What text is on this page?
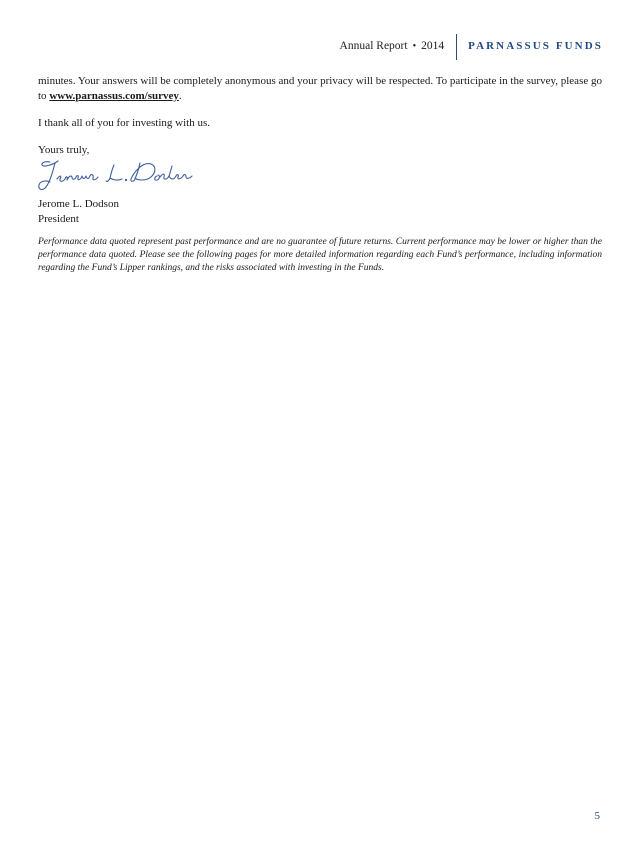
Annual Report • 2014 PARNASSUS FUNDS

minutes. Your answers will be completely anonymous and your privacy will be respected. To participate in the survey, please go to www.parnassus.com/survey.

I thank all of you for investing with us.

Yours truly,

Jerome L. Dodson

President

Performance data quoted represent past performance and are no guarantee of future returns. Current performance may be lower or higher than the performance data quoted. Please see the following pages for more detailed information regarding each Fund’s performance, including information regarding the Fund’s Lipper rankings, and the risks associated with investing in the Funds.

5
